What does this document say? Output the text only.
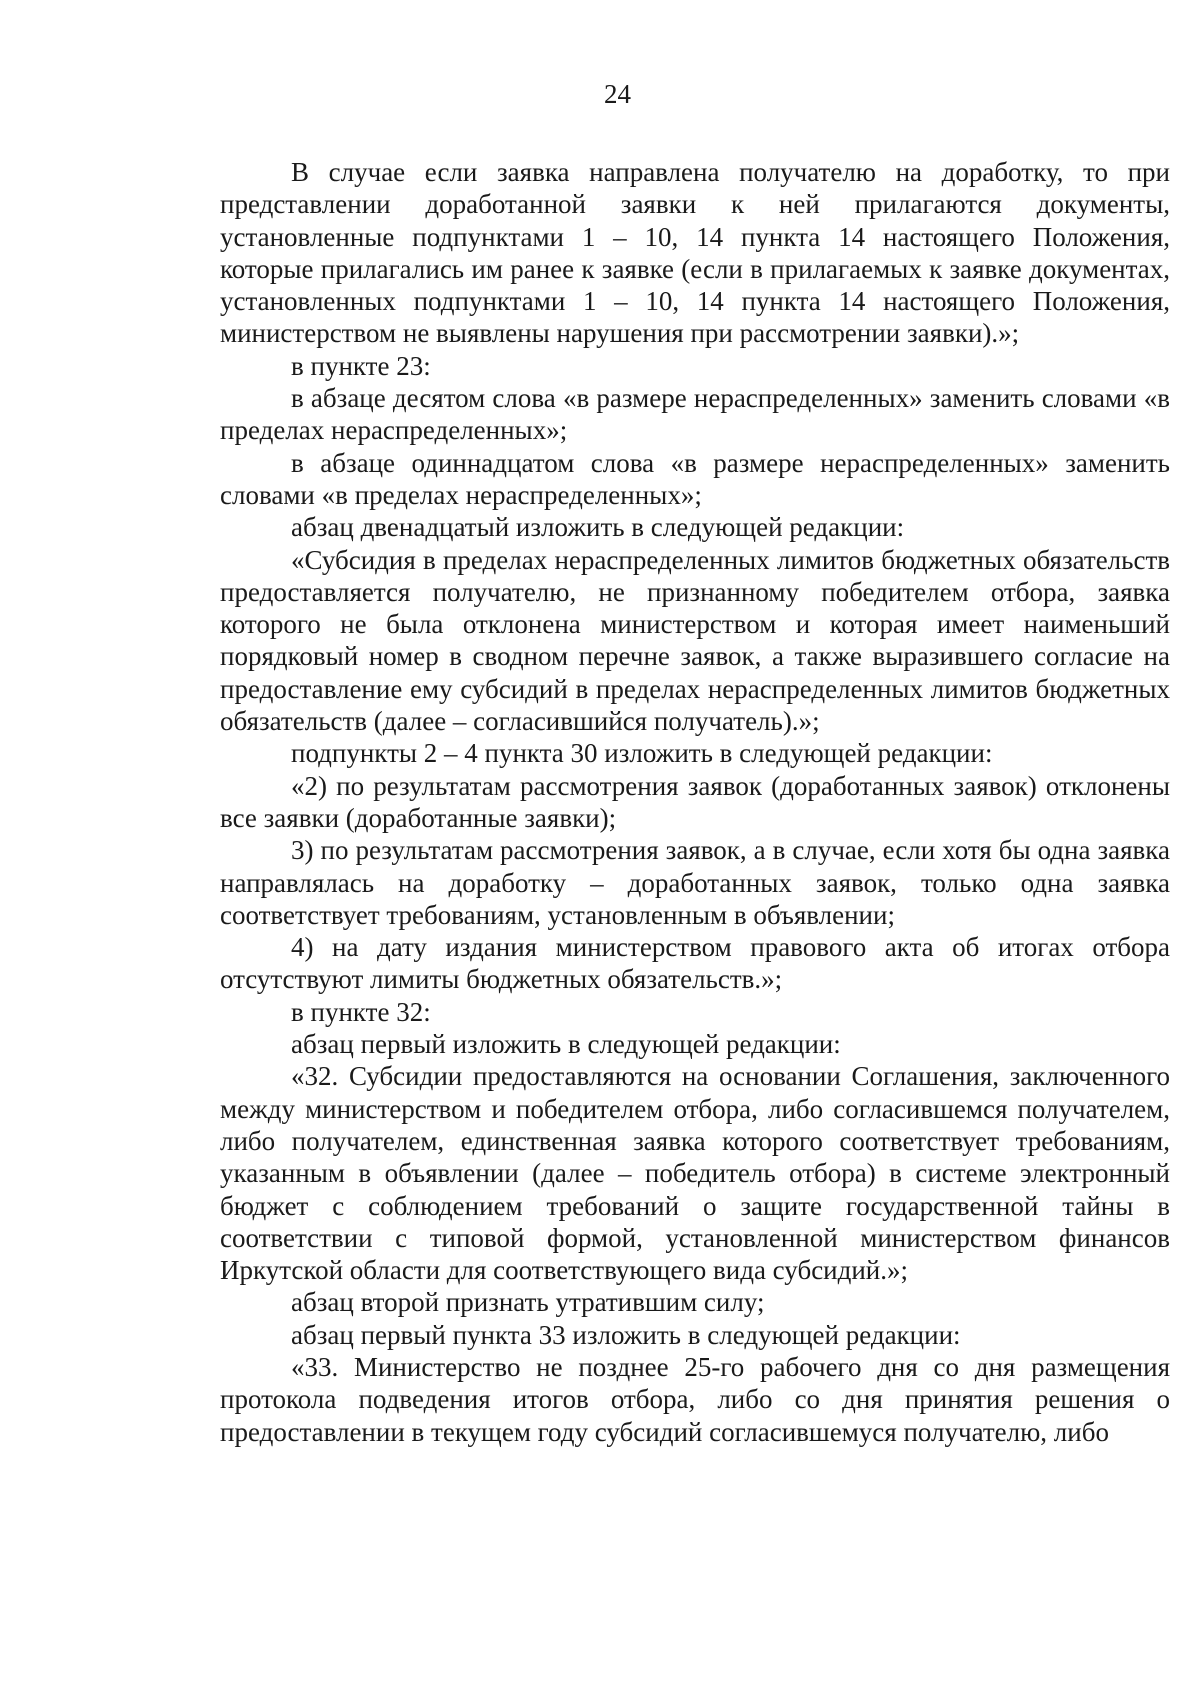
24

В случае если заявка направлена получателю на доработку, то при представлении доработанной заявки к ней прилагаются документы, установленные подпунктами 1 – 10, 14 пункта 14 настоящего Положения, которые прилагались им ранее к заявке (если в прилагаемых к заявке документах, установленных подпунктами 1 – 10, 14 пункта 14 настоящего Положения, министерством не выявлены нарушения при рассмотрении заявки).»;

в пункте 23:

в абзаце десятом слова «в размере нераспределенных» заменить словами «в пределах нераспределенных»;

в абзаце одиннадцатом слова «в размере нераспределенных» заменить словами «в пределах нераспределенных»;

абзац двенадцатый изложить в следующей редакции:

«Субсидия в пределах нераспределенных лимитов бюджетных обязательств предоставляется получателю, не признанному победителем отбора, заявка которого не была отклонена министерством и которая имеет наименьший порядковый номер в сводном перечне заявок, а также выразившего согласие на предоставление ему субсидий в пределах нераспределенных лимитов бюджетных обязательств (далее – согласившийся получатель).»;

подпункты 2 – 4 пункта 30 изложить в следующей редакции:

«2) по результатам рассмотрения заявок (доработанных заявок) отклонены все заявки (доработанные заявки);

3) по результатам рассмотрения заявок, а в случае, если хотя бы одна заявка направлялась на доработку – доработанных заявок, только одна заявка соответствует требованиям, установленным в объявлении;

4) на дату издания министерством правового акта об итогах отбора отсутствуют лимиты бюджетных обязательств.»;

в пункте 32:

абзац первый изложить в следующей редакции:

«32. Субсидии предоставляются на основании Соглашения, заключенного между министерством и победителем отбора, либо согласившемся получателем, либо получателем, единственная заявка которого соответствует требованиям, указанным в объявлении (далее – победитель отбора) в системе электронный бюджет с соблюдением требований о защите государственной тайны в соответствии с типовой формой, установленной министерством финансов Иркутской области для соответствующего вида субсидий.»;

абзац второй признать утратившим силу;

абзац первый пункта 33 изложить в следующей редакции:

«33. Министерство не позднее 25-го рабочего дня со дня размещения протокола подведения итогов отбора, либо со дня принятия решения о предоставлении в текущем году субсидий согласившемуся получателю, либо
